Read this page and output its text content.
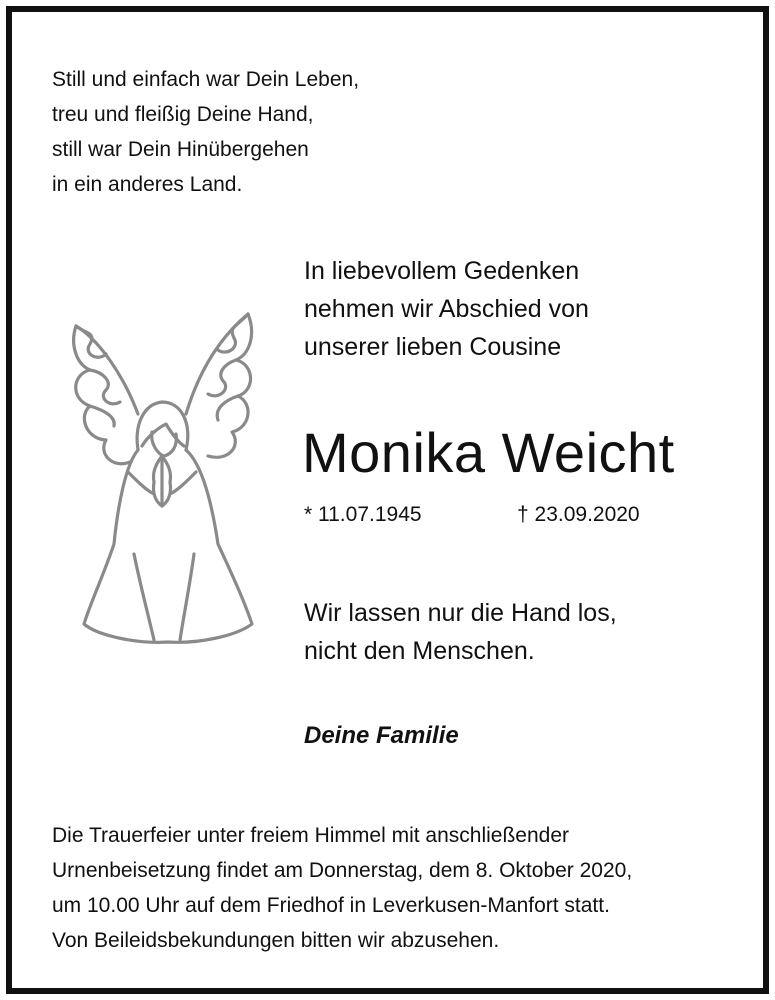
Still und einfach war Dein Leben,
treu und fleißig Deine Hand,
still war Dein Hinübergehen
in ein anderes Land.
In liebevollem Gedenken
nehmen wir Abschied von
unserer lieben Cousine
Monika Weicht
* 11.07.1945	† 23.09.2020
Wir lassen nur die Hand los,
nicht den Menschen.
Deine Familie
Die Trauerfeier unter freiem Himmel mit anschließender
Urnenbeisetzung findet am Donnerstag, dem 8. Oktober 2020,
um 10.00 Uhr auf dem Friedhof in Leverkusen-Manfort statt.
Von Beileidsbekundungen bitten wir abzusehen.
